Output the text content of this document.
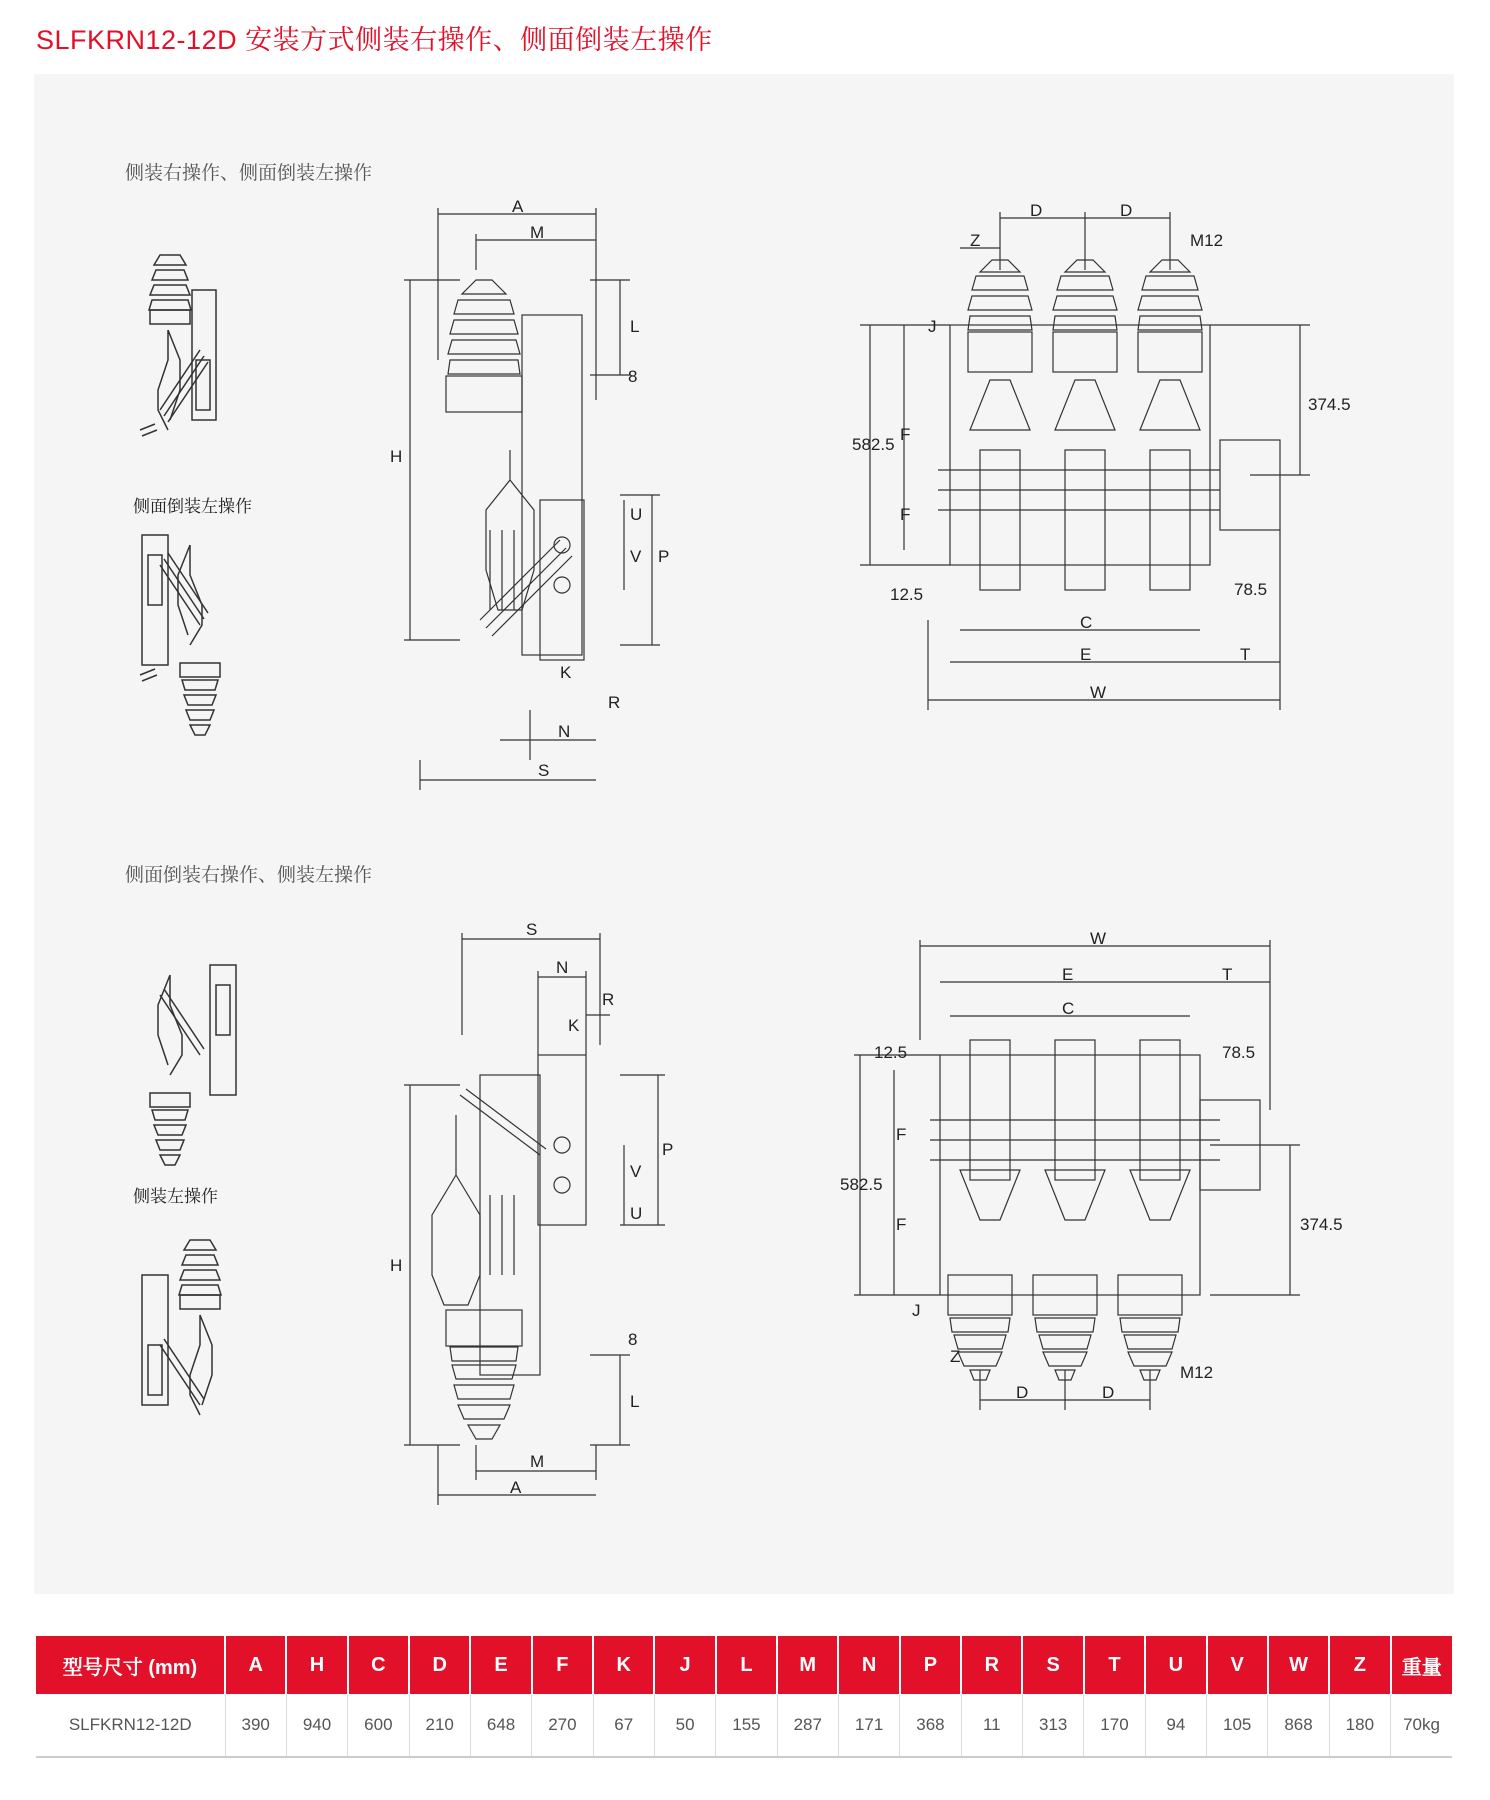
SLFKRN12-12D 安装方式侧装右操作、侧面倒装左操作
侧装右操作、侧面倒装左操作
侧面倒装左操作
A
M
L
8
H
U
V P
K
R
N
S
D	D
Z	M12
J
F
F
582.5
374.5
12.5	78.5
C
E	T
W
侧面倒装右操作、侧装左操作
侧装左操作
S
N
R
K
P
V
U
H
8
L
M
A
W
E	T
C
12.5	78.5
F
F
582.5
374.5
J
Z
M12
D	D
型号尺寸 (mm)	A	H	C	D	E	F	K	J	L	M	N	P	R	S	T	U	V	W	Z	重量
SLFKRN12-12D	390	940	600	210	648	270	67	50	155	287	171	368	11	313	170	94	105	868	180	70kg
